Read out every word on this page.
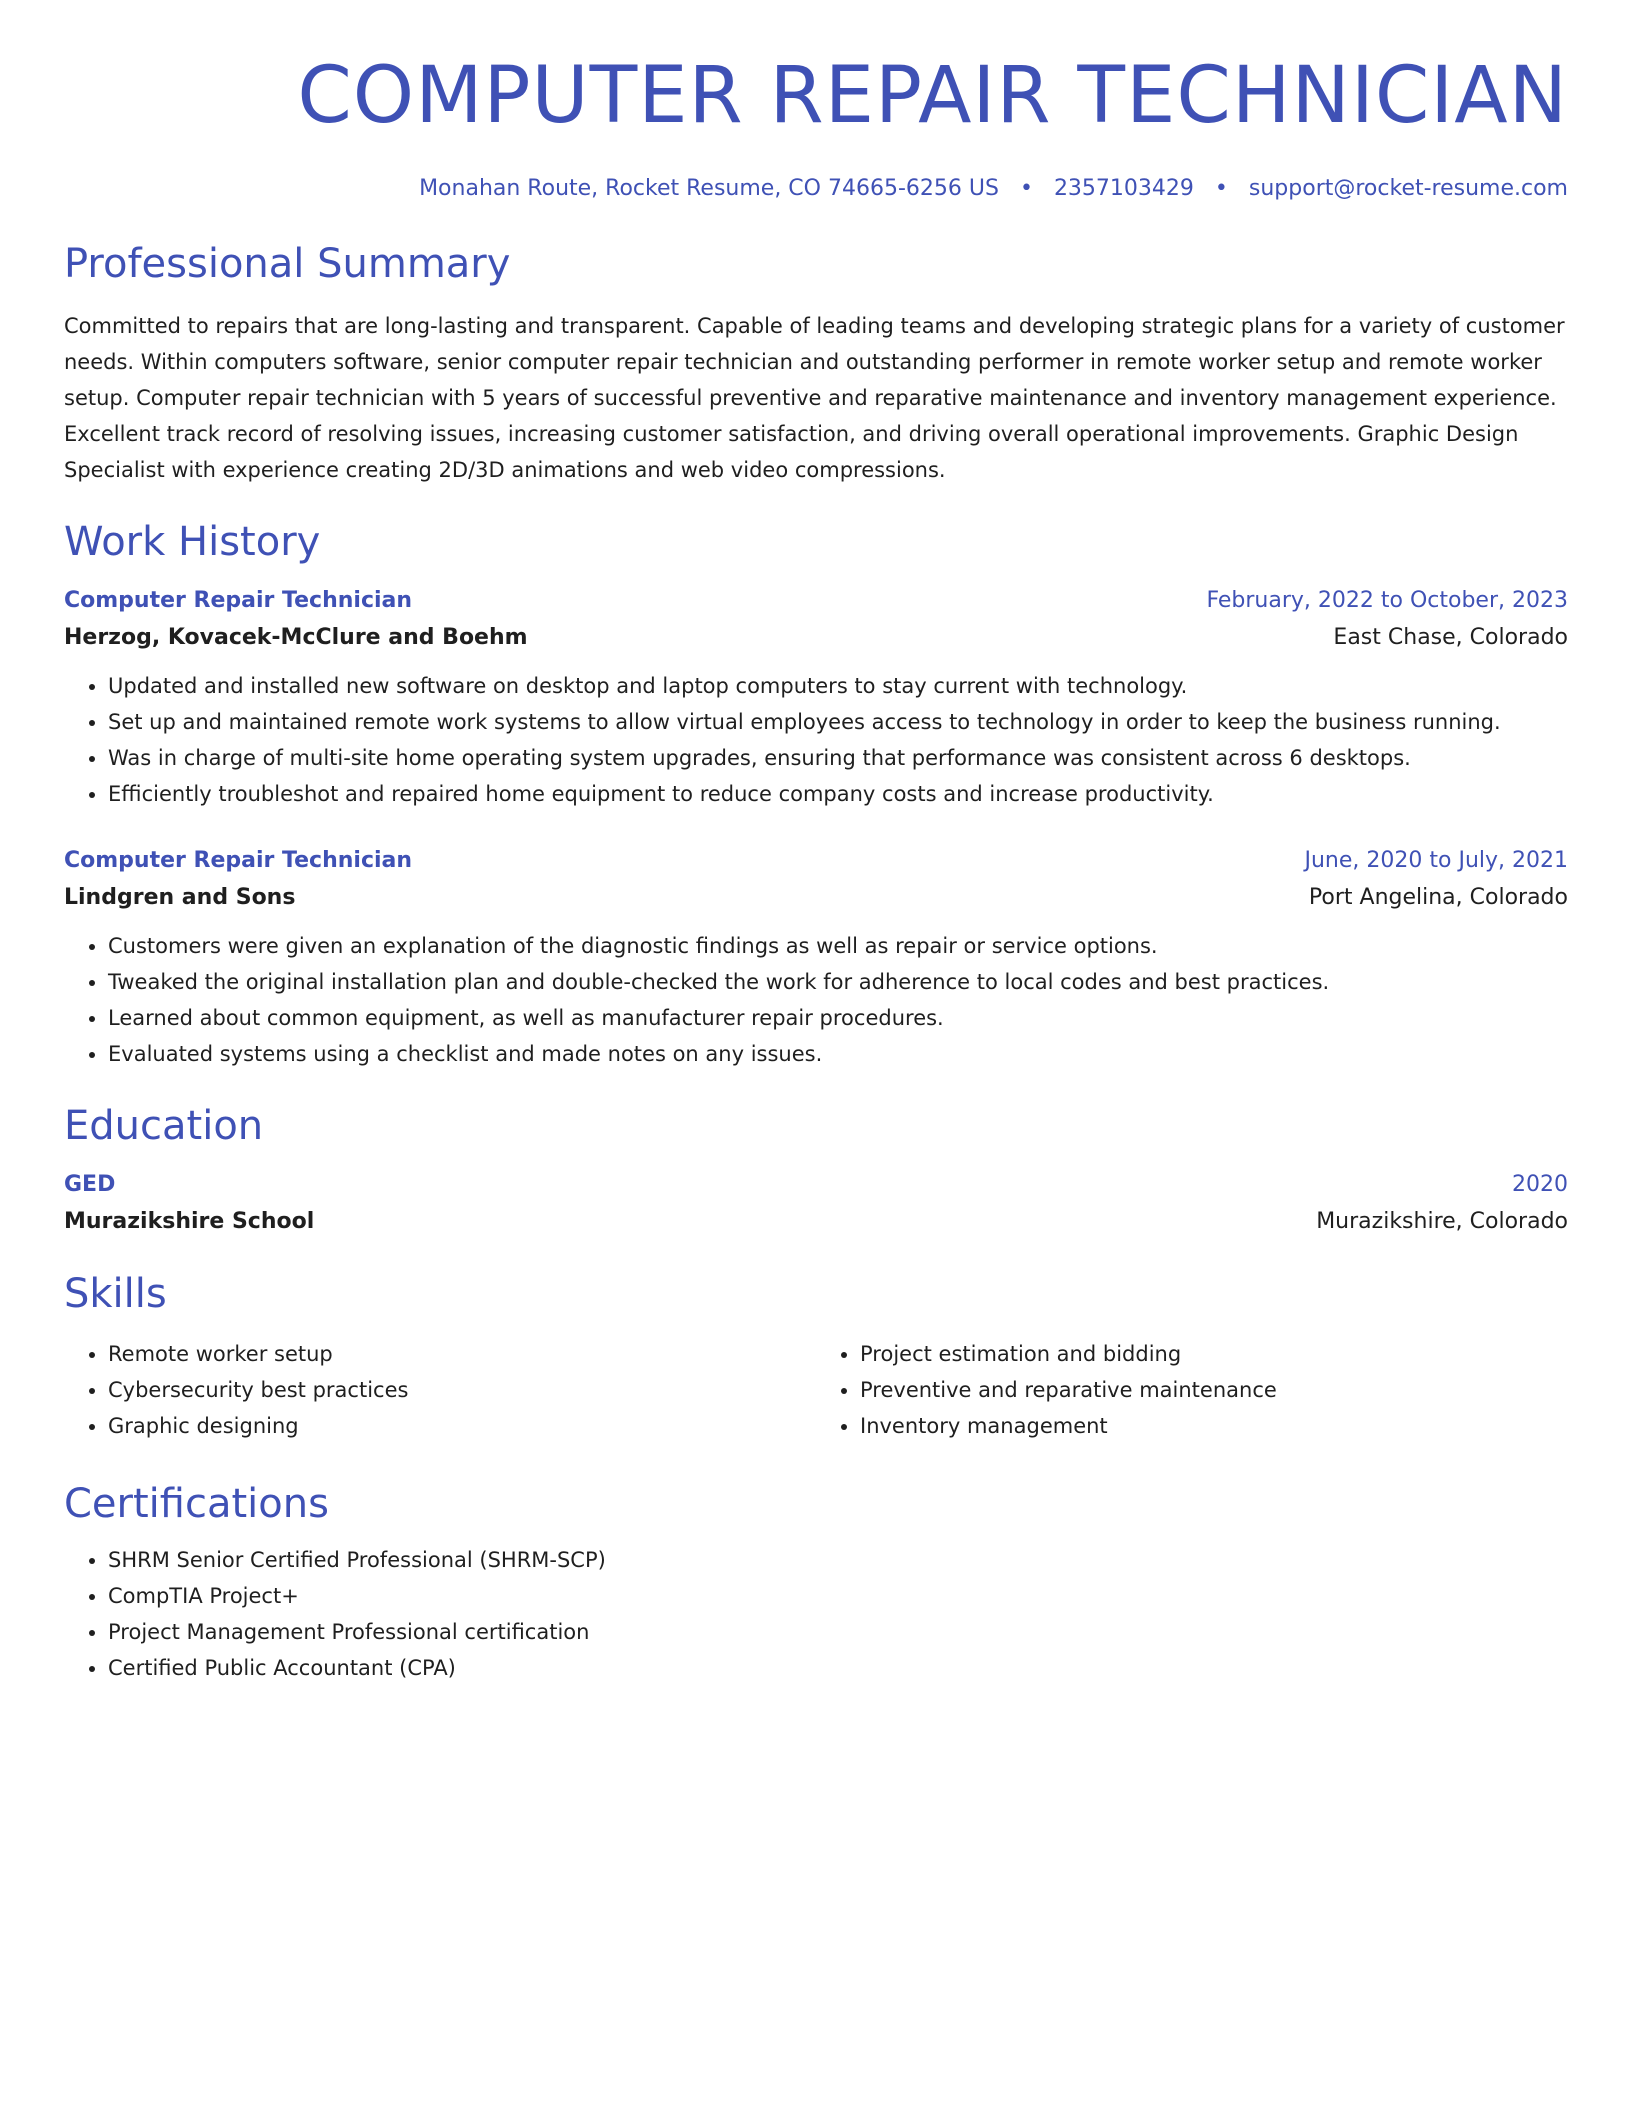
COMPUTER REPAIR TECHNICIAN
Monahan Route, Rocket Resume, CO 74665-6256 US • 2357103429 • support@rocket-resume.com
Professional Summary
Committed to repairs that are long-lasting and transparent. Capable of leading teams and developing strategic plans for a variety of customer needs. Within computers software, senior computer repair technician and outstanding performer in remote worker setup and remote worker setup. Computer repair technician with 5 years of successful preventive and reparative maintenance and inventory management experience. Excellent track record of resolving issues, increasing customer satisfaction, and driving overall operational improvements. Graphic Design Specialist with experience creating 2D/3D animations and web video compressions.
Work History
Computer Repair Technician	February, 2022 to October, 2023
Herzog, Kovacek-McClure and Boehm	East Chase, Colorado
• Updated and installed new software on desktop and laptop computers to stay current with technology.
• Set up and maintained remote work systems to allow virtual employees access to technology in order to keep the business running.
• Was in charge of multi-site home operating system upgrades, ensuring that performance was consistent across 6 desktops.
• Efficiently troubleshot and repaired home equipment to reduce company costs and increase productivity.
Computer Repair Technician	June, 2020 to July, 2021
Lindgren and Sons	Port Angelina, Colorado
• Customers were given an explanation of the diagnostic findings as well as repair or service options.
• Tweaked the original installation plan and double-checked the work for adherence to local codes and best practices.
• Learned about common equipment, as well as manufacturer repair procedures.
• Evaluated systems using a checklist and made notes on any issues.
Education
GED	2020
Murazikshire School	Murazikshire, Colorado
Skills
• Remote worker setup
• Cybersecurity best practices
• Graphic designing
• Project estimation and bidding
• Preventive and reparative maintenance
• Inventory management
Certifications
• SHRM Senior Certified Professional (SHRM-SCP)
• CompTIA Project+
• Project Management Professional certification
• Certified Public Accountant (CPA)
